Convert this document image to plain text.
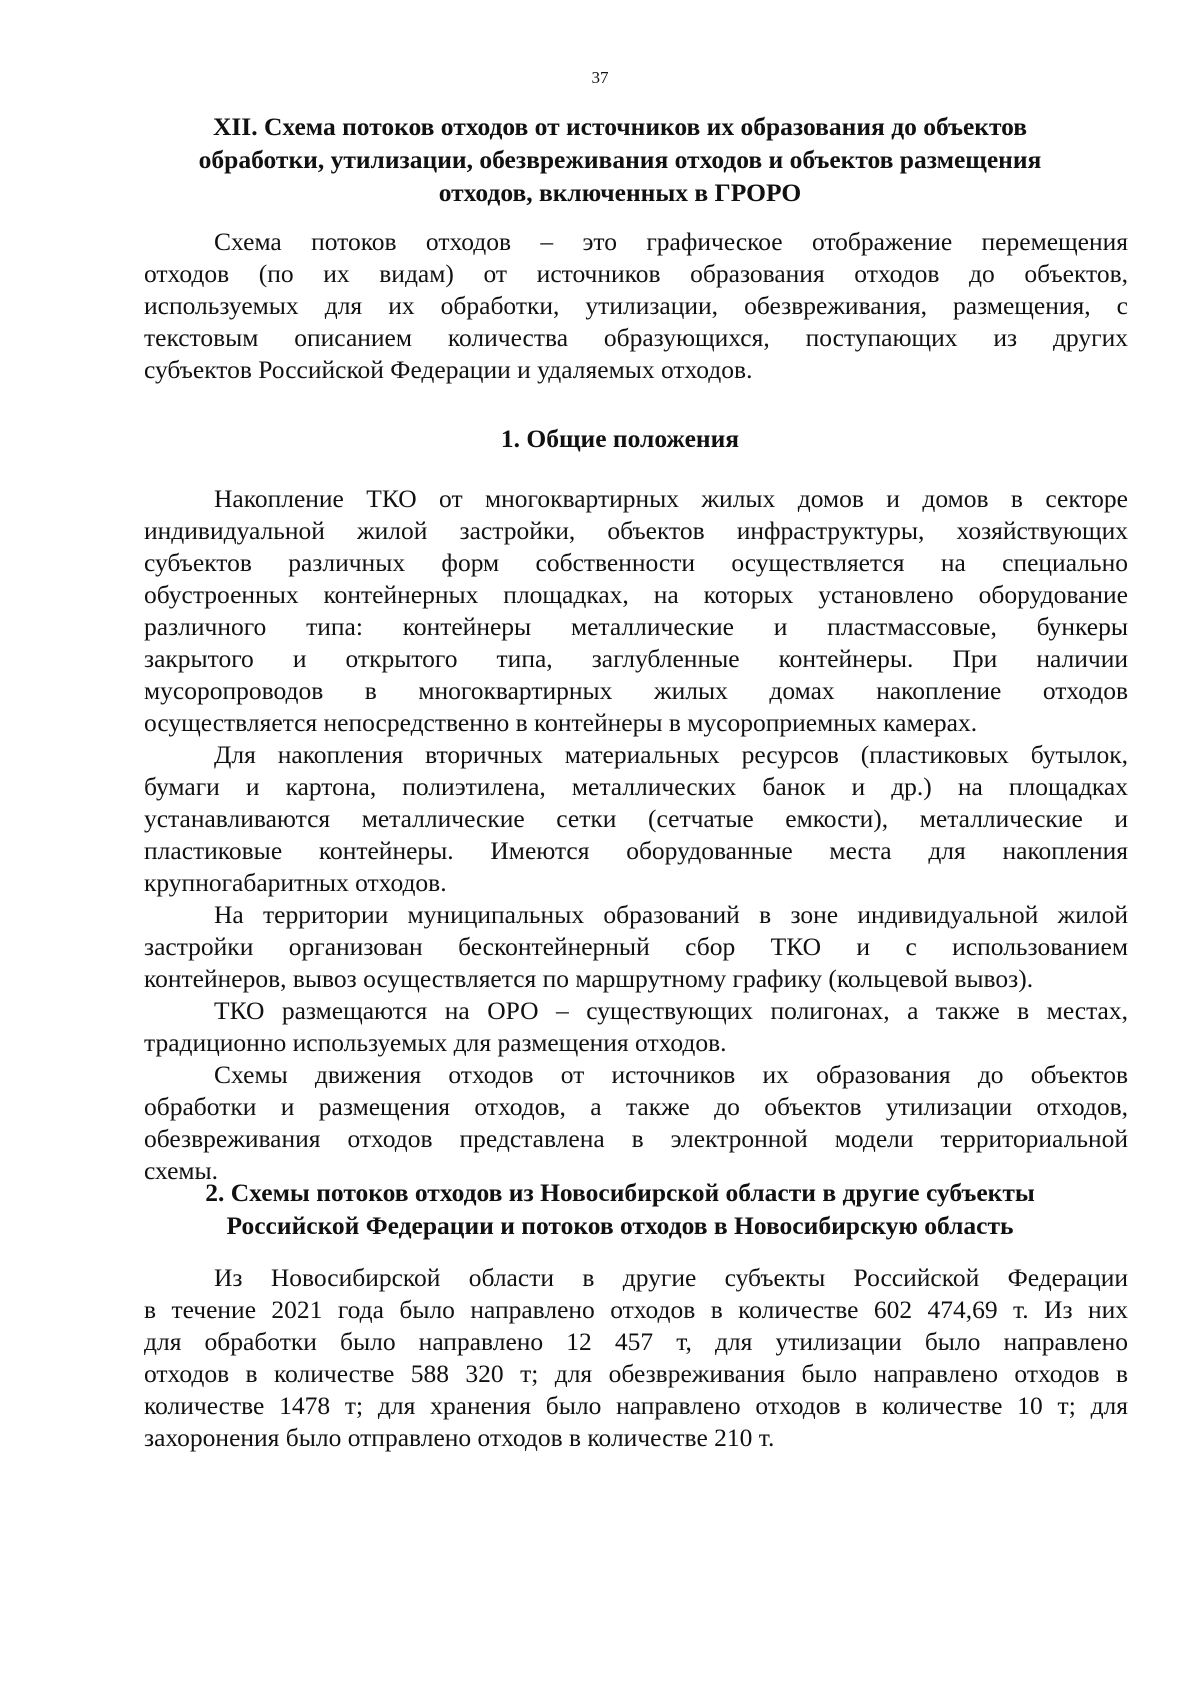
37

XII. Схема потоков отходов от источников их образования до объектов

обработки, утилизации, обезвреживания отходов и объектов размещения

отходов, включенных в ГРОРО

Схема потоков отходов – это графическое отображение перемещения
отходов (по их видам) от источников образования отходов до объектов,
используемых для их обработки, утилизации, обезвреживания, размещения, с
текстовым описанием количества образующихся, поступающих из других
субъектов Российской Федерации и удаляемых отходов.

1. Общие положения

Накопление ТКО от многоквартирных жилых домов и домов в секторе
индивидуальной жилой застройки, объектов инфраструктуры, хозяйствующих
субъектов различных форм собственности осуществляется на специально
обустроенных контейнерных площадках, на которых установлено оборудование
различного типа: контейнеры металлические и пластмассовые, бункеры
закрытого и открытого типа, заглубленные контейнеры. При наличии
мусоропроводов в многоквартирных жилых домах накопление отходов
осуществляется непосредственно в контейнеры в мусороприемных камерах.
Для накопления вторичных материальных ресурсов (пластиковых бутылок,
бумаги и картона, полиэтилена, металлических банок и др.) на площадках
устанавливаются металлические сетки (сетчатые емкости), металлические и
пластиковые контейнеры. Имеются оборудованные места для накопления
крупногабаритных отходов.
На территории муниципальных образований в зоне индивидуальной жилой
застройки организован бесконтейнерный сбор ТКО и с использованием
контейнеров, вывоз осуществляется по маршрутному графику (кольцевой вывоз).
ТКО размещаются на ОРО – существующих полигонах, а также в местах,
традиционно используемых для размещения отходов.
Схемы движения отходов от источников их образования до объектов
обработки и размещения отходов, а также до объектов утилизации отходов,
обезвреживания отходов представлена в электронной модели территориальной
схемы.

2. Схемы потоков отходов из Новосибирской области в другие субъекты

Российской Федерации и потоков отходов в Новосибирскую область

Из Новосибирской области в другие субъекты Российской Федерации
в течение 2021 года было направлено отходов в количестве 602 474,69 т. Из них
для обработки было направлено 12 457 т, для утилизации было направлено
отходов в количестве 588 320 т; для обезвреживания было направлено отходов в
количестве 1478 т; для хранения было направлено отходов в количестве 10 т; для
захоронения было отправлено отходов в количестве 210 т.
